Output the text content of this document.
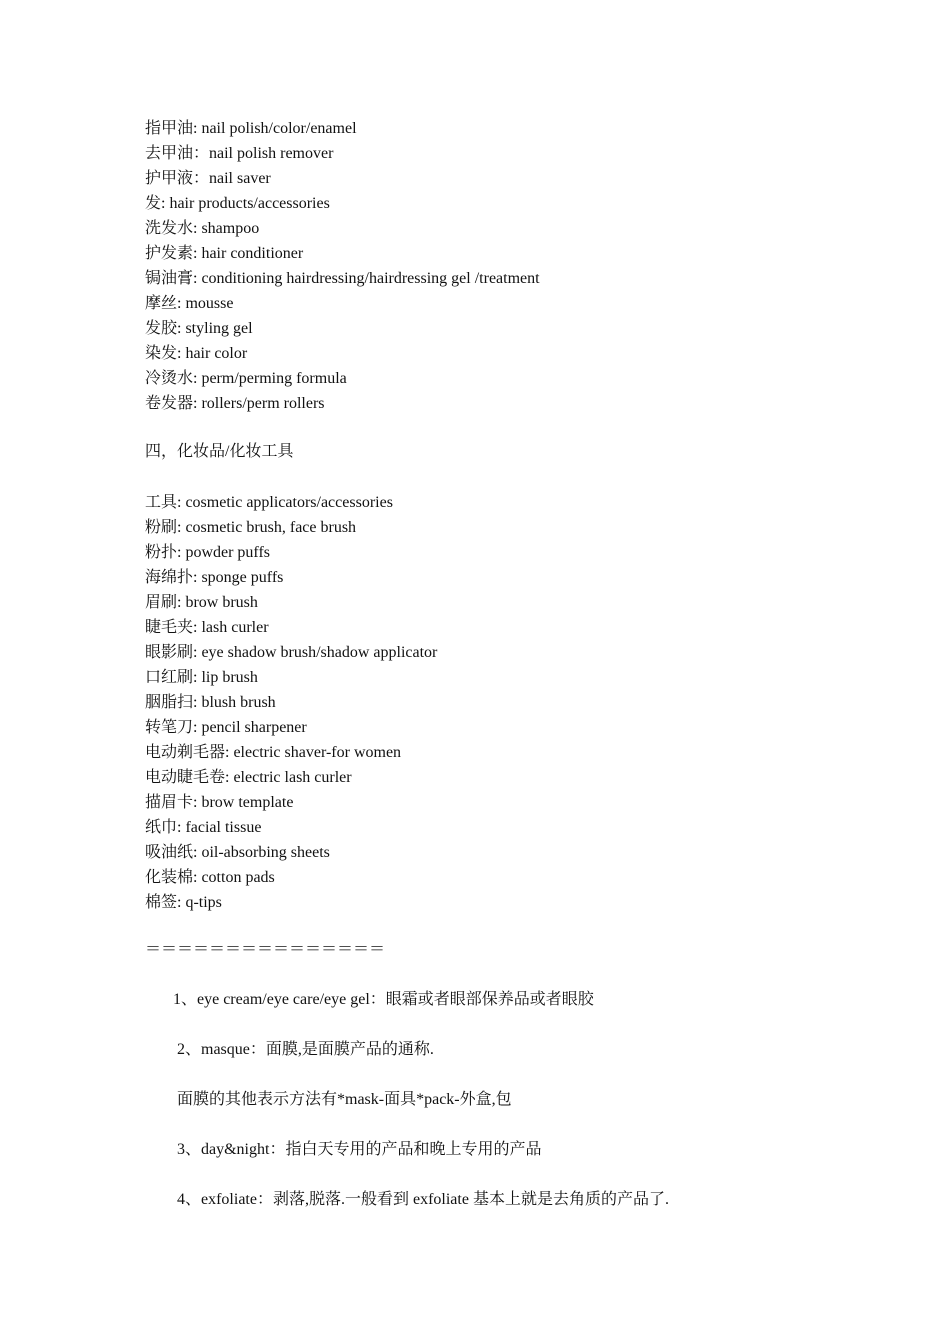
指甲油: nail polish/color/enamel
去甲油：nail polish remover
护甲液：nail saver
发: hair products/accessories
洗发水: shampoo
护发素: hair conditioner
锔油膏: conditioning hairdressing/hairdressing gel /treatment
摩丝: mousse
发胶: styling gel
染发: hair color
冷烫水: perm/perming formula
卷发器: rollers/perm rollers
四，化妆品/化妆工具
工具: cosmetic applicators/accessories
粉刷: cosmetic brush, face brush
粉扑: powder puffs
海绵扑: sponge puffs
眉刷: brow brush
睫毛夹: lash curler
眼影刷: eye shadow brush/shadow applicator
口红刷: lip brush
胭脂扫: blush brush
转笔刀: pencil sharpener
电动剃毛器: electric shaver-for women
电动睫毛卷: electric lash curler
描眉卡: brow template
纸巾: facial tissue
吸油纸: oil-absorbing sheets
化装棉: cotton pads
棉签: q-tips
＝＝＝＝＝＝＝＝＝＝＝＝＝＝＝
1、eye cream/eye care/eye gel：眼霜或者眼部保养品或者眼胶
2、masque：面膜,是面膜产品的通称.
面膜的其他表示方法有*mask-面具*pack-外盒,包
3、day&night：指白天专用的产品和晚上专用的产品
4、exfoliate：剥落,脱落.一般看到 exfoliate 基本上就是去角质的产品了.
